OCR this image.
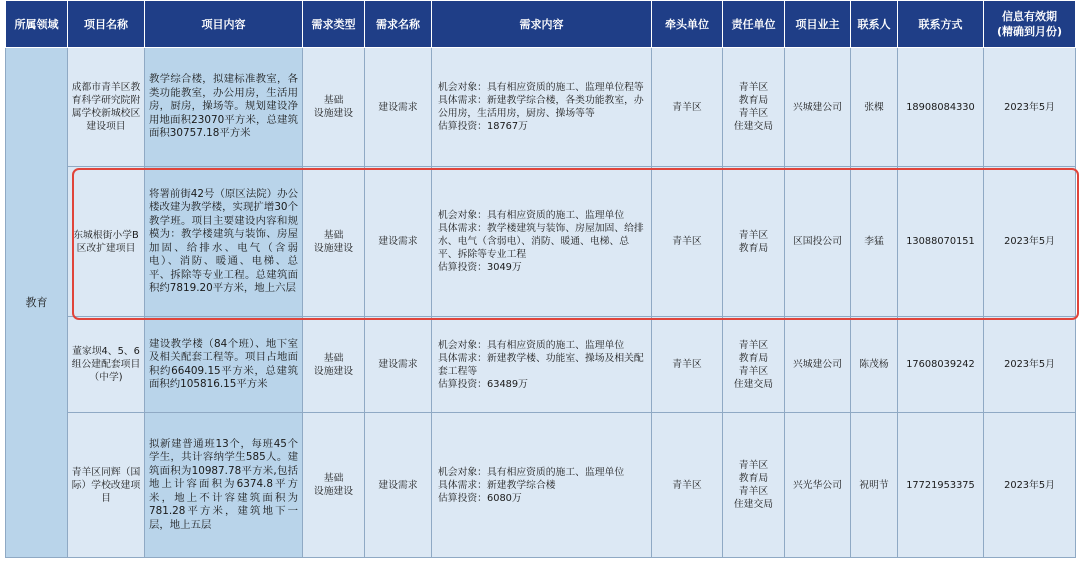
所属领域	项目名称	项目内容	需求类型	需求名称	需求内容	牵头单位	责任单位	项目业主	联系人	联系方式	信息有效期
(精确到月份)
教育	成都市青羊区教育科学研究院附属学校新城校区建设项目	教学综合楼，拟建标准教室，各类功能教室，办公用房，生活用房，厨房，操场等。规划建设净用地面积23070平方米，总建筑面积30757.18平方米	基础
设施建设	建设需求	机会对象：具有相应资质的施工、监理单位程等
具体需求：新建教学综合楼，各类功能教室，办公用房，生活用房，厨房、操场等等
估算投资：18767万	青羊区	青羊区
教育局
青羊区
住建交局	兴城建公司	张棵	18908084330	2023年5月
	东城根街小学B区改扩建项目	将署前街42号（原区法院）办公楼改建为教学楼，实现扩增30个教学班。项目主要建设内容和规模为：教学楼建筑与装饰、房屋加固、给排水、电气（含弱电）、消防、暖通、电梯、总平、拆除等专业工程。总建筑面积约7819.20平方米，地上六层	基础
设施建设	建设需求	机会对象：具有相应资质的施工、监理单位
具体需求：教学楼建筑与装饰、房屋加固、给排水、电气（含弱电）、消防、暖通、电梯、总平、拆除等专业工程
估算投资：3049万	青羊区	青羊区
教育局	区国投公司	李猛	13088070151	2023年5月
	董家坝4、5、6组公建配套项目（中学)	建设教学楼（84个班）、地下室及相关配套工程等。项目占地面积约66409.15平方米，总建筑面积约105816.15平方米	基础
设施建设	建设需求	机会对象：具有相应资质的施工、监理单位
具体需求：新建教学楼、功能室、操场及相关配套工程等
估算投资：63489万	青羊区	青羊区
教育局
青羊区
住建交局	兴城建公司	陈茂杨	17608039242	2023年5月
	青羊区同辉（国际）学校改建项目	拟新建普通班13个，每班45个学生，共计容纳学生585人。建筑面积为10987.78平方米,包括地上计容面积为6374.8平方米，地上不计容建筑面积为781.28平方米，建筑地下一层，地上五层	基础
设施建设	建设需求	机会对象：具有相应资质的施工、监理单位
具体需求：新建教学综合楼
估算投资：6080万	青羊区	青羊区
教育局
青羊区
住建交局	兴光华公司	祝明节	17721953375	2023年5月
